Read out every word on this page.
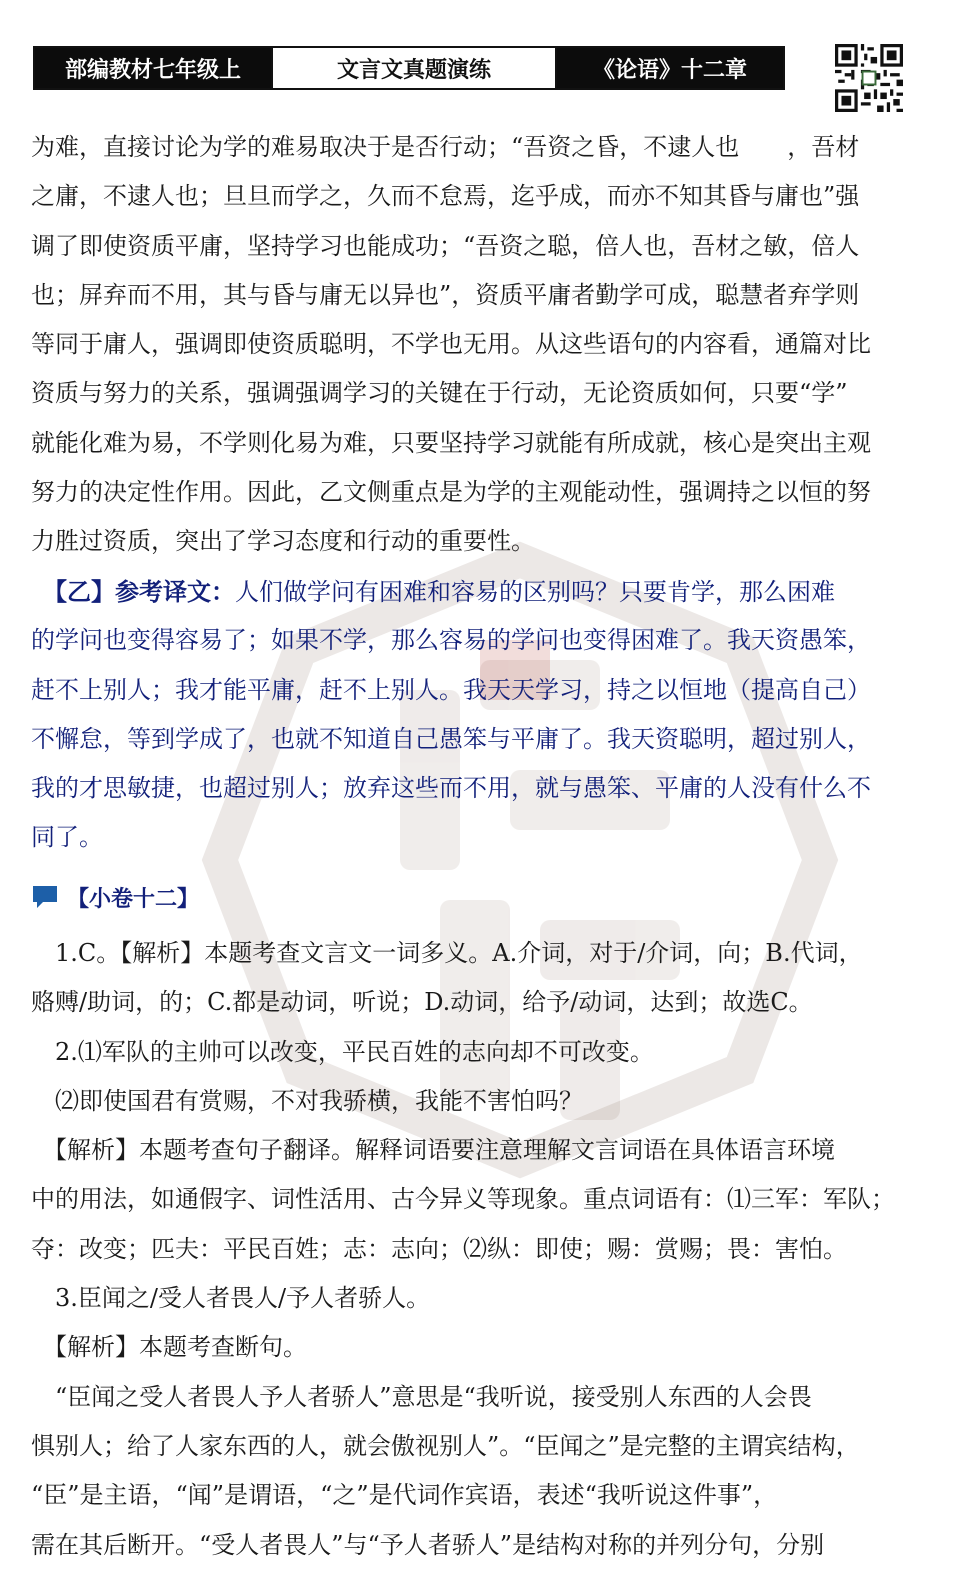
部编教材七年级上	文言文真题演练	《论语》十二章
为难，直接讨论为学的难易取决于是否行动；“吾资之昏，不逮人也　　，吾材
之庸，不逮人也；旦旦而学之，久而不怠焉，迄乎成，而亦不知其昏与庸也”强
调了即使资质平庸，坚持学习也能成功；“吾资之聪，倍人也，吾材之敏，倍人
也；屏弃而不用，其与昏与庸无以异也”，资质平庸者勤学可成，聪慧者弃学则
等同于庸人，强调即使资质聪明，不学也无用。从这些语句的内容看，通篇对比
资质与努力的关系，强调强调学习的关键在于行动，无论资质如何，只要“学”
就能化难为易，不学则化易为难，只要坚持学习就能有所成就，核心是突出主观
努力的决定性作用。因此，乙文侧重点是为学的主观能动性，强调持之以恒的努
力胜过资质，突出了学习态度和行动的重要性。
　【乙】参考译文：人们做学问有困难和容易的区别吗？只要肯学，那么困难
的学问也变得容易了；如果不学，那么容易的学问也变得困难了。我天资愚笨，
赶不上别人；我才能平庸，赶不上别人。我天天学习，持之以恒地（提高自己）
不懈怠，等到学成了，也就不知道自己愚笨与平庸了。我天资聪明，超过别人，
我的才思敏捷，也超过别人；放弃这些而不用，就与愚笨、平庸的人没有什么不
同了。
【小卷十二】
　1.C。【解析】本题考查文言文一词多义。A.介词，对于/介词，向；B.代词，
赂赙/助词，的；C.都是动词，听说；D.动词，给予/动词，达到；故选C。
　2.⑴军队的主帅可以改变，平民百姓的志向却不可改变。
　⑵即使国君有赏赐，不对我骄横，我能不害怕吗？
　【解析】本题考查句子翻译。解释词语要注意理解文言词语在具体语言环境
中的用法，如通假字、词性活用、古今异义等现象。重点词语有：⑴三军：军队；
夺：改变；匹夫：平民百姓；志：志向；⑵纵：即使；赐：赏赐；畏：害怕。
　3.臣闻之/受人者畏人/予人者骄人。
　【解析】本题考查断句。
　“臣闻之受人者畏人予人者骄人”意思是“我听说，接受别人东西的人会畏
惧别人；给了人家东西的人，就会傲视别人”。“臣闻之”是完整的主谓宾结构，
“臣”是主语，“闻”是谓语，“之”是代词作宾语，表述“我听说这件事”，
需在其后断开。“受人者畏人”与“予人者骄人”是结构对称的并列分句，分别
